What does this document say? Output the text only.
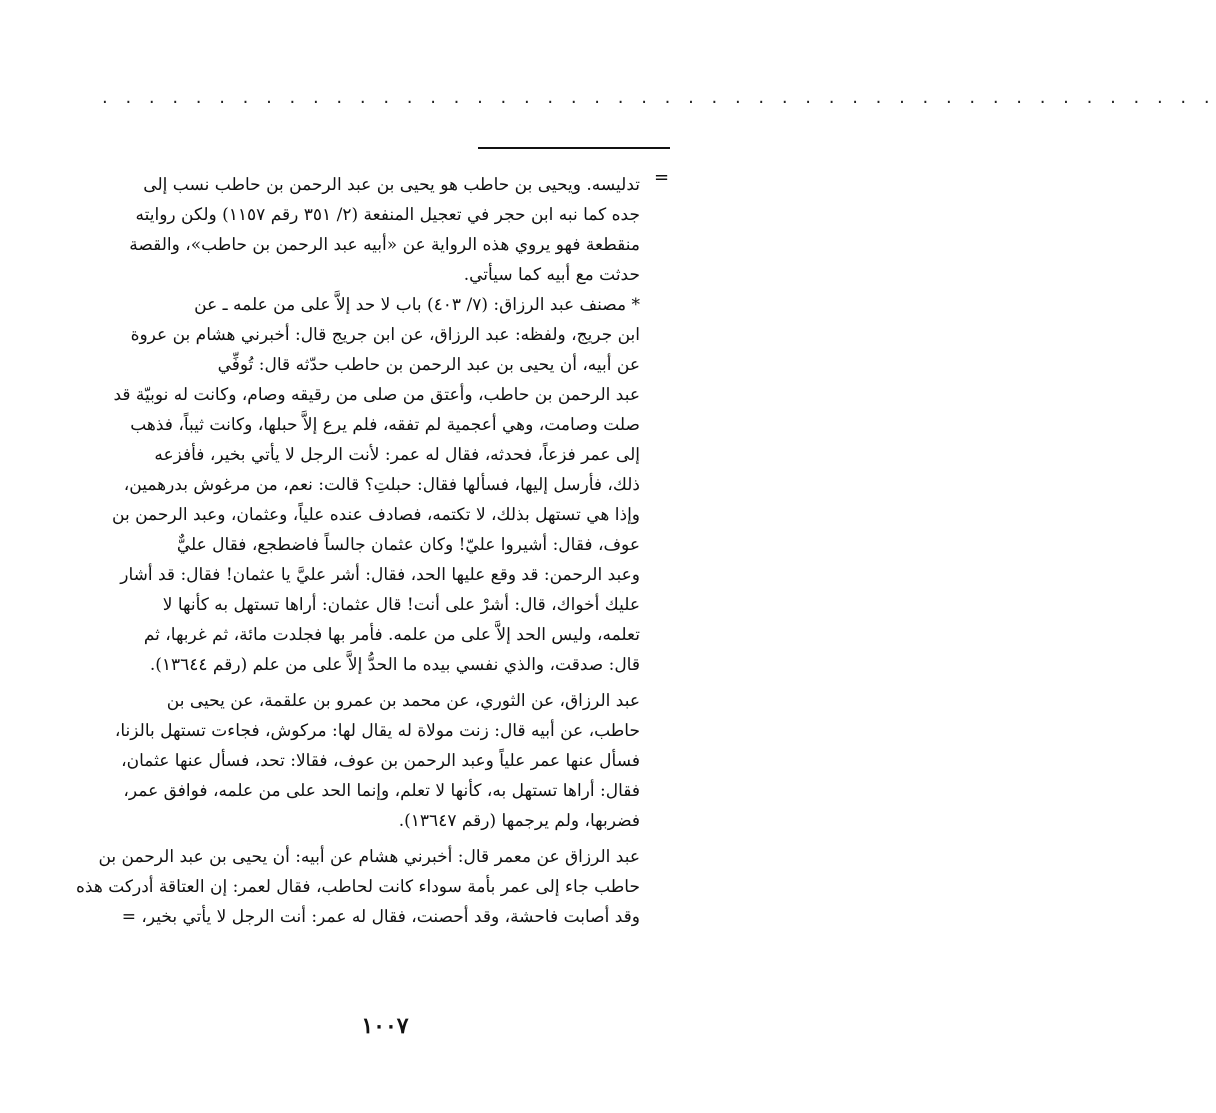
. . . . . . . . . . . . . . . . . . . . . . . . . . . . . . . . . . . . . . . . . . . . . . . .
=
تدليسه. ويحيى بن حاطب هو يحيى بن عبد الرحمن بن حاطب نسب إلى
جده كما نبه ابن حجر في تعجيل المنفعة (٢/ ٣٥١ رقم ١١٥٧) ولكن روايته
منقطعة فهو يروي هذه الرواية عن «أبيه عبد الرحمن بن حاطب»، والقصة
حدثت مع أبيه كما سيأتي.
* مصنف عبد الرزاق: (٧/ ٤٠٣) باب لا حد إلاَّ على من علمه ـ عن
ابن جريج، ولفظه: عبد الرزاق، عن ابن جريج قال: أخبرني هشام بن عروة
عن أبيه، أن يحيى بن عبد الرحمن بن حاطب حدّثه قال: تُوفِّي
عبد الرحمن بن حاطب، وأعتق من صلى من رقيقه وصام، وكانت له نوبيّة قد
صلت وصامت، وهي أعجمية لم تفقه، فلم يرع إلاَّ حبلها، وكانت ثيباً، فذهب
إلى عمر فزعاً، فحدثه، فقال له عمر: لأنت الرجل لا يأتي بخير، فأفزعه
ذلك، فأرسل إليها، فسألها فقال: حبلتِ؟ قالت: نعم، من مرغوش بدرهمين،
وإذا هي تستهل بذلك، لا تكتمه، فصادف عنده علياً، وعثمان، وعبد الرحمن بن
عوف، فقال: أشيروا عليّ! وكان عثمان جالساً فاضطجع، فقال عليٌّ
وعبد الرحمن: قد وقع عليها الحد، فقال: أشر عليَّ يا عثمان! فقال: قد أشار
عليك أخواك، قال: أشرْ على أنت! قال عثمان: أراها تستهل به كأنها لا
تعلمه، وليس الحد إلاَّ على من علمه. فأمر بها فجلدت مائة، ثم غربها، ثم
قال: صدقت، والذي نفسي بيده ما الحدُّ إلاَّ على من علم (رقم ١٣٦٤٤).
عبد الرزاق، عن الثوري، عن محمد بن عمرو بن علقمة، عن يحيى بن
حاطب، عن أبيه قال: زنت مولاة له يقال لها: مركوش، فجاءت تستهل بالزنا،
فسأل عنها عمر علياً وعبد الرحمن بن عوف، فقالا: تحد، فسأل عنها عثمان،
فقال: أراها تستهل به، كأنها لا تعلم، وإنما الحد على من علمه، فوافق عمر،
فضربها، ولم يرجمها (رقم ١٣٦٤٧).
عبد الرزاق عن معمر قال: أخبرني هشام عن أبيه: أن يحيى بن عبد الرحمن بن
حاطب جاء إلى عمر بأمة سوداء كانت لحاطب، فقال لعمر: إن العتاقة أدركت هذه
وقد أصابت فاحشة، وقد أحصنت، فقال له عمر: أنت الرجل لا يأتي بخير، =
١٠٠٧
